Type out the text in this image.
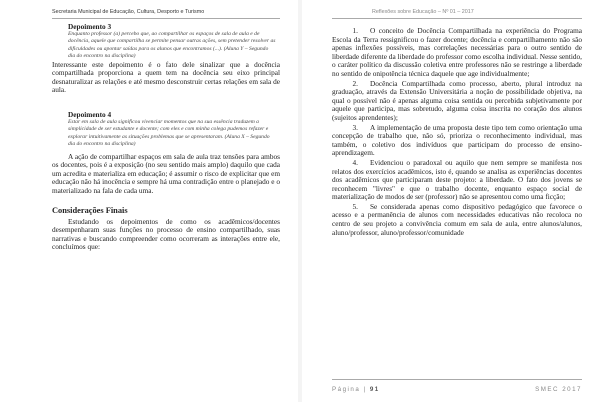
Secretaria Municipal de Educação, Cultura, Desporto e Turismo
Depoimento 3
Enquanto professor (a) percebo que, ao compartilhar os espaços de sala de aula e de docência, aquele que compartilha se permite pensar outras ações, sem pretender resolver as dificuldades ou apontar saídas para os alunos que encontramos (...). (Aluna Y – Segundo dia do encontro na disciplina)
Interessante este depoimento é o fato dele sinalizar que a docência compartilhada proporciona a quem tem na docência seu eixo principal desnaturalizar as relações e até mesmo desconstruir certas relações em sala de aula.
Depoimento 4
Estar em sala de aula significou vivenciar momentos que na sua essência traduzem a simplicidade de ser estudante e docente; com eles e com minha colega pudemos refazer e explorar intuitivamente as situações problemas que se apresentaram. (Aluna X – Segundo dia do encontro na disciplina)
A ação de compartilhar espaços em sala de aula traz tensões para ambos os docentes, pois é a exposição (no seu sentido mais amplo) daquilo que cada um acredita e materializa em educação; é assumir o risco de explicitar que em educação não há inocência e sempre há uma contradição entre o planejado e o materializado na fala de cada uma.
Considerações Finais
Estudando os depoimentos de como os acadêmicos/docentes desempenharam suas funções no processo de ensino compartilhado, suas narrativas e buscando compreender como ocorreram as interações entre ele, concluímos que:
Reflexões sobre Educação – Nº 01 – 2017
1. O conceito de Docência Compartilhada na experiência do Programa Escola da Terra ressignificou o fazer docente; docência e compartilhamento não são apenas inflexões possíveis, mas correlações necessárias para o outro sentido de liberdade diferente da liberdade do professor como escolha individual. Nesse sentido, o caráter político da discussão coletiva entre professores não se restringe a liberdade no sentido de onipotência técnica daquele que age individualmente;
2. Docência Compartilhada como processo, aberto, plural introduz na graduação, através da Extensão Universitária a noção de possibilidade objetiva, na qual o possível não é apenas alguma coisa sentida ou percebida subjetivamente por aquele que participa, mas sobretudo, alguma coisa inscrita no coração dos alunos (sujeitos aprendentes);
3. A implementação de uma proposta deste tipo tem como orientação uma concepção de trabalho que, não só, prioriza o reconhecimento individual, mas também, o coletivo dos indivíduos que participam do processo de ensino-aprendizagem.
4. Evidenciou o paradoxal ou aquilo que nem sempre se manifesta nos relatos dos exercícios acadêmicos, isto é, quando se analisa as experiências docentes dos acadêmicos que participaram deste projeto: a liberdade. O fato dos jovens se reconhecem "livres" e que o trabalho docente, enquanto espaço social de materialização de modos de ser (professor) não se apresentou como uma ficção;
5. Se considerada apenas como dispositivo pedagógico que favorece o acesso e a permanência de alunos com necessidades educativas não recoloca no centro de seu projeto a convivência comum em sala de aula, entre alunos/alunos, aluno/professor, aluno/professor/comunidade
Página | 91	SMEC 2017
